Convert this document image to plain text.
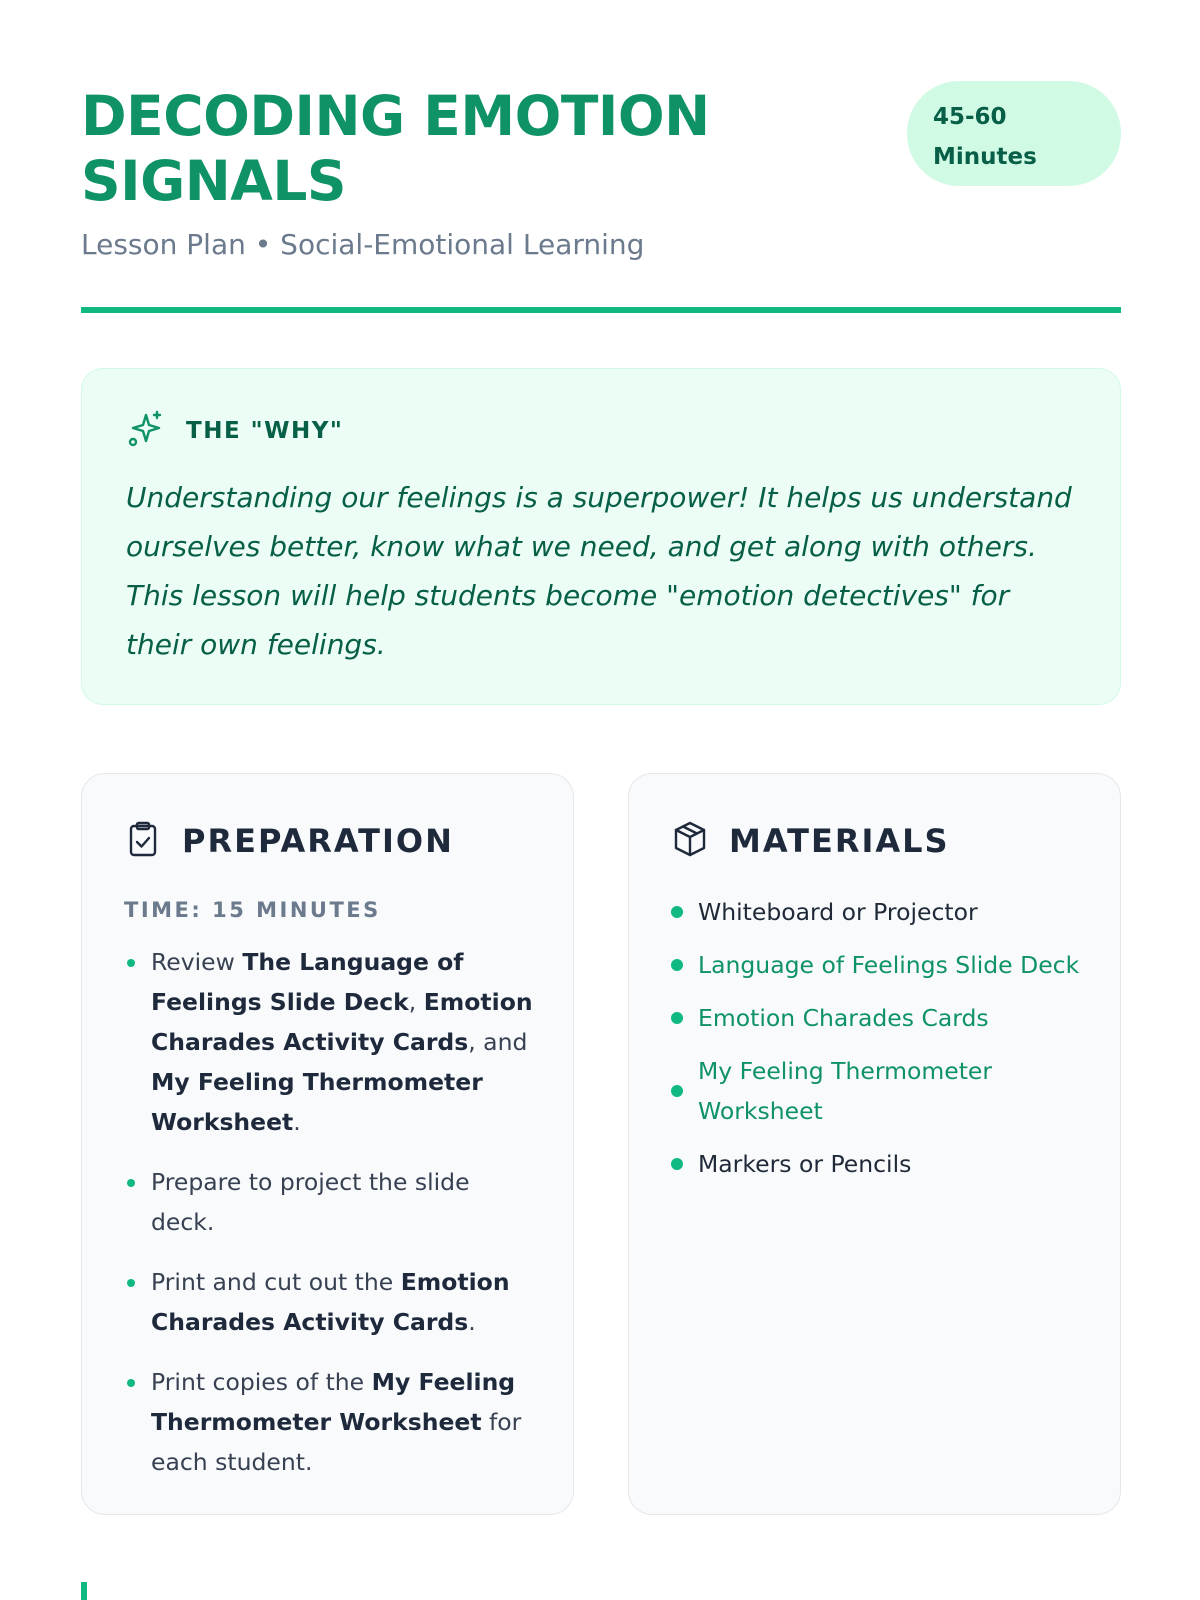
DECODING EMOTION SIGNALS
Lesson Plan • Social-Emotional Learning
45-60
Minutes
THE "WHY"
Understanding our feelings is a superpower! It helps us understand ourselves better, know what we need, and get along with others. This lesson will help students become "emotion detectives" for their own feelings.
PREPARATION
TIME: 15 MINUTES
Review The Language of Feelings Slide Deck, Emotion Charades Activity Cards, and My Feeling Thermometer Worksheet.
Prepare to project the slide deck.
Print and cut out the Emotion Charades Activity Cards.
Print copies of the My Feeling Thermometer Worksheet for each student.
MATERIALS
Whiteboard or Projector
Language of Feelings Slide Deck
Emotion Charades Cards
My Feeling Thermometer Worksheet
Markers or Pencils
